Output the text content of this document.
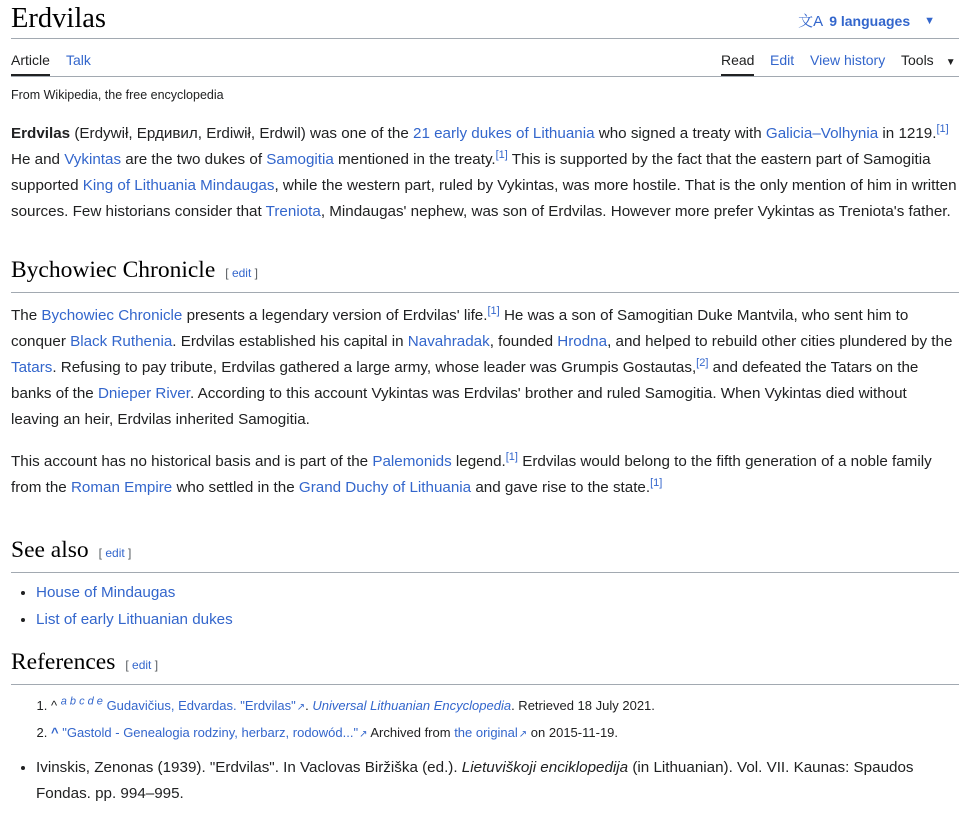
Erdvilas	文A 9 languages ▼
Article Talk	Read Edit View history Tools ▼
From Wikipedia, the free encyclopedia

Erdvilas (Erdywił, Ердивил, Erdiwił, Erdwil) was one of the 21 early dukes of Lithuania who signed a treaty with Galicia–Volhynia in 1219.[1] He and Vykintas are the two dukes of Samogitia mentioned in the treaty.[1] This is supported by the fact that the eastern part of Samogitia supported King of Lithuania Mindaugas, while the western part, ruled by Vykintas, was more hostile. That is the only mention of him in written sources. Few historians consider that Treniota, Mindaugas' nephew, was son of Erdvilas. However more prefer Vykintas as Treniota's father.

Bychowiec Chronicle [ edit ]

The Bychowiec Chronicle presents a legendary version of Erdvilas' life.[1] He was a son of Samogitian Duke Mantvila, who sent him to conquer Black Ruthenia. Erdvilas established his capital in Navahradak, founded Hrodna, and helped to rebuild other cities plundered by the Tatars. Refusing to pay tribute, Erdvilas gathered a large army, whose leader was Grumpis Gostautas,[2] and defeated the Tatars on the banks of the Dnieper River. According to this account Vykintas was Erdvilas' brother and ruled Samogitia. When Vykintas died without leaving an heir, Erdvilas inherited Samogitia.

This account has no historical basis and is part of the Palemonids legend.[1] Erdvilas would belong to the fifth generation of a noble family from the Roman Empire who settled in the Grand Duchy of Lithuania and gave rise to the state.[1]

See also [ edit ]
• House of Mindaugas
• List of early Lithuanian dukes
References [ edit ]
1. ^ $^{a b c d e}$ Gudavičius, Edvardas. "Erdvilas"↗. Universal Lithuanian Encyclopedia. Retrieved 18 July 2021.
2. ^ "Gastold - Genealogia rodziny, herbarz, rodowód..."↗ Archived from the original↗ on 2015-11-19.
• Ivinskis, Zenonas (1939). "Erdvilas". In Vaclovas Biržiška (ed.). Lietuviškoji enciklopedija (in Lithuanian). Vol. VII. Kaunas: Spaudos Fondas. pp. 994–995.
